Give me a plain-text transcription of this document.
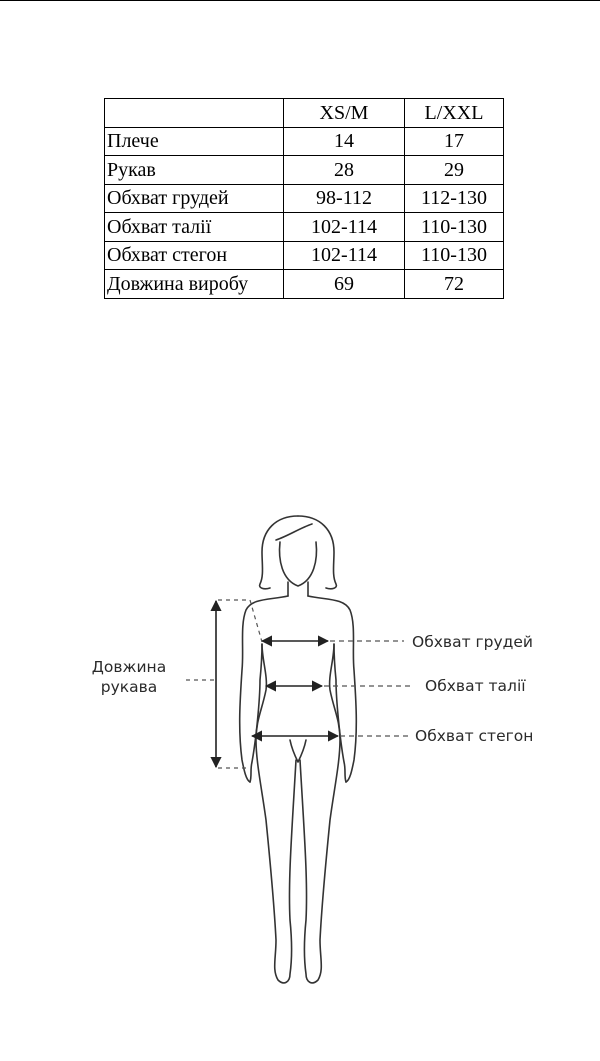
	XS/M	L/XXL
Плече	14	17
Рукав	28	29
Обхват грудей	98-112	112-130
Обхват талії	102-114	110-130
Обхват стегон	102-114	110-130
Довжина виробу	69	72
Довжина
рукава
Обхват грудей
Обхват талії
Обхват стегон
